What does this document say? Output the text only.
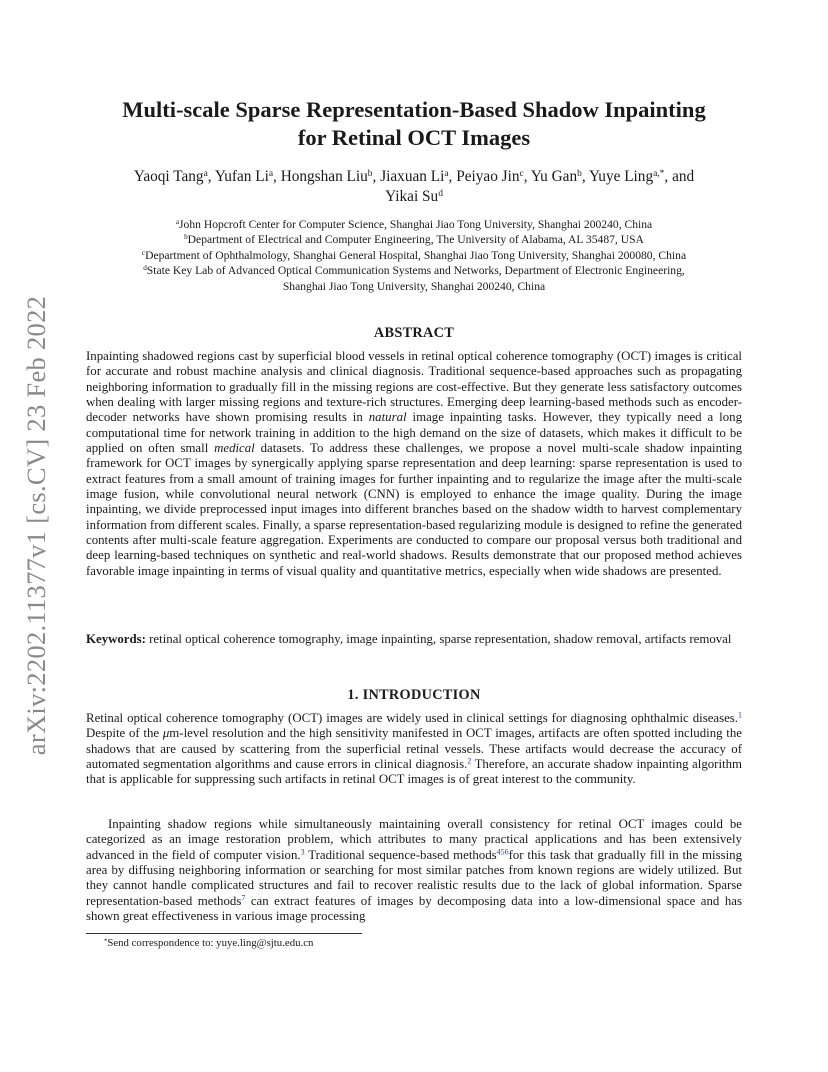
arXiv:2202.11377v1 [cs.CV] 23 Feb 2022
Multi-scale Sparse Representation-Based Shadow Inpainting
for Retinal OCT Images
Yaoqi Tang$^a$, Yufan Li$^a$, Hongshan Liu$^b$, Jiaxuan Li$^a$, Peiyao Jin$^c$, Yu Gan$^b$, Yuye Ling$^{a,*}$, and
Yikai Su$^d$
$^a$John Hopcroft Center for Computer Science, Shanghai Jiao Tong University, Shanghai 200240, China
$^b$Department of Electrical and Computer Engineering, The University of Alabama, AL 35487, USA
$^c$Department of Ophthalmology, Shanghai General Hospital, Shanghai Jiao Tong University, Shanghai 200080, China
$^d$State Key Lab of Advanced Optical Communication Systems and Networks, Department of Electronic Engineering,
Shanghai Jiao Tong University, Shanghai 200240, China
ABSTRACT
Inpainting shadowed regions cast by superficial blood vessels in retinal optical coherence tomography (OCT) images is critical for accurate and robust machine analysis and clinical diagnosis. Traditional sequence-based approaches such as propagating neighboring information to gradually fill in the missing regions are cost-effective. But they generate less satisfactory outcomes when dealing with larger missing regions and texture-rich structures. Emerging deep learning-based methods such as encoder-decoder networks have shown promising results in natural image inpainting tasks. However, they typically need a long computational time for network training in addition to the high demand on the size of datasets, which makes it difficult to be applied on often small medical datasets. To address these challenges, we propose a novel multi-scale shadow inpainting framework for OCT images by synergically applying sparse representation and deep learning: sparse representation is used to extract features from a small amount of training images for further inpainting and to regularize the image after the multi-scale image fusion, while convolutional neural network (CNN) is employed to enhance the image quality. During the image inpainting, we divide preprocessed input images into different branches based on the shadow width to harvest complementary information from different scales. Finally, a sparse representation-based regularizing module is designed to refine the generated contents after multi-scale feature aggregation. Experiments are conducted to compare our proposal versus both traditional and deep learning-based techniques on synthetic and real-world shadows. Results demonstrate that our proposed method achieves favorable image inpainting in terms of visual quality and quantitative metrics, especially when wide shadows are presented.
Keywords: retinal optical coherence tomography, image inpainting, sparse representation, shadow removal, artifacts removal
1. INTRODUCTION
Retinal optical coherence tomography (OCT) images are widely used in clinical settings for diagnosing ophthalmic diseases.$^1$ Despite of the μm-level resolution and the high sensitivity manifested in OCT images, artifacts are often spotted including the shadows that are caused by scattering from the superficial retinal vessels. These artifacts would decrease the accuracy of automated segmentation algorithms and cause errors in clinical diagnosis.$^2$ Therefore, an accurate shadow inpainting algorithm that is applicable for suppressing such artifacts in retinal OCT images is of great interest to the community.
Inpainting shadow regions while simultaneously maintaining overall consistency for retinal OCT images could be categorized as an image restoration problem, which attributes to many practical applications and has been extensively advanced in the field of computer vision.$^3$ Traditional sequence-based methods$^{456}$for this task that gradually fill in the missing area by diffusing neighboring information or searching for most similar patches from known regions are widely utilized. But they cannot handle complicated structures and fail to recover realistic results due to the lack of global information. Sparse representation-based methods$^7$ can extract features of images by decomposing data into a low-dimensional space and has shown great effectiveness in various image processing
*Send correspondence to: yuye.ling@sjtu.edu.cn
